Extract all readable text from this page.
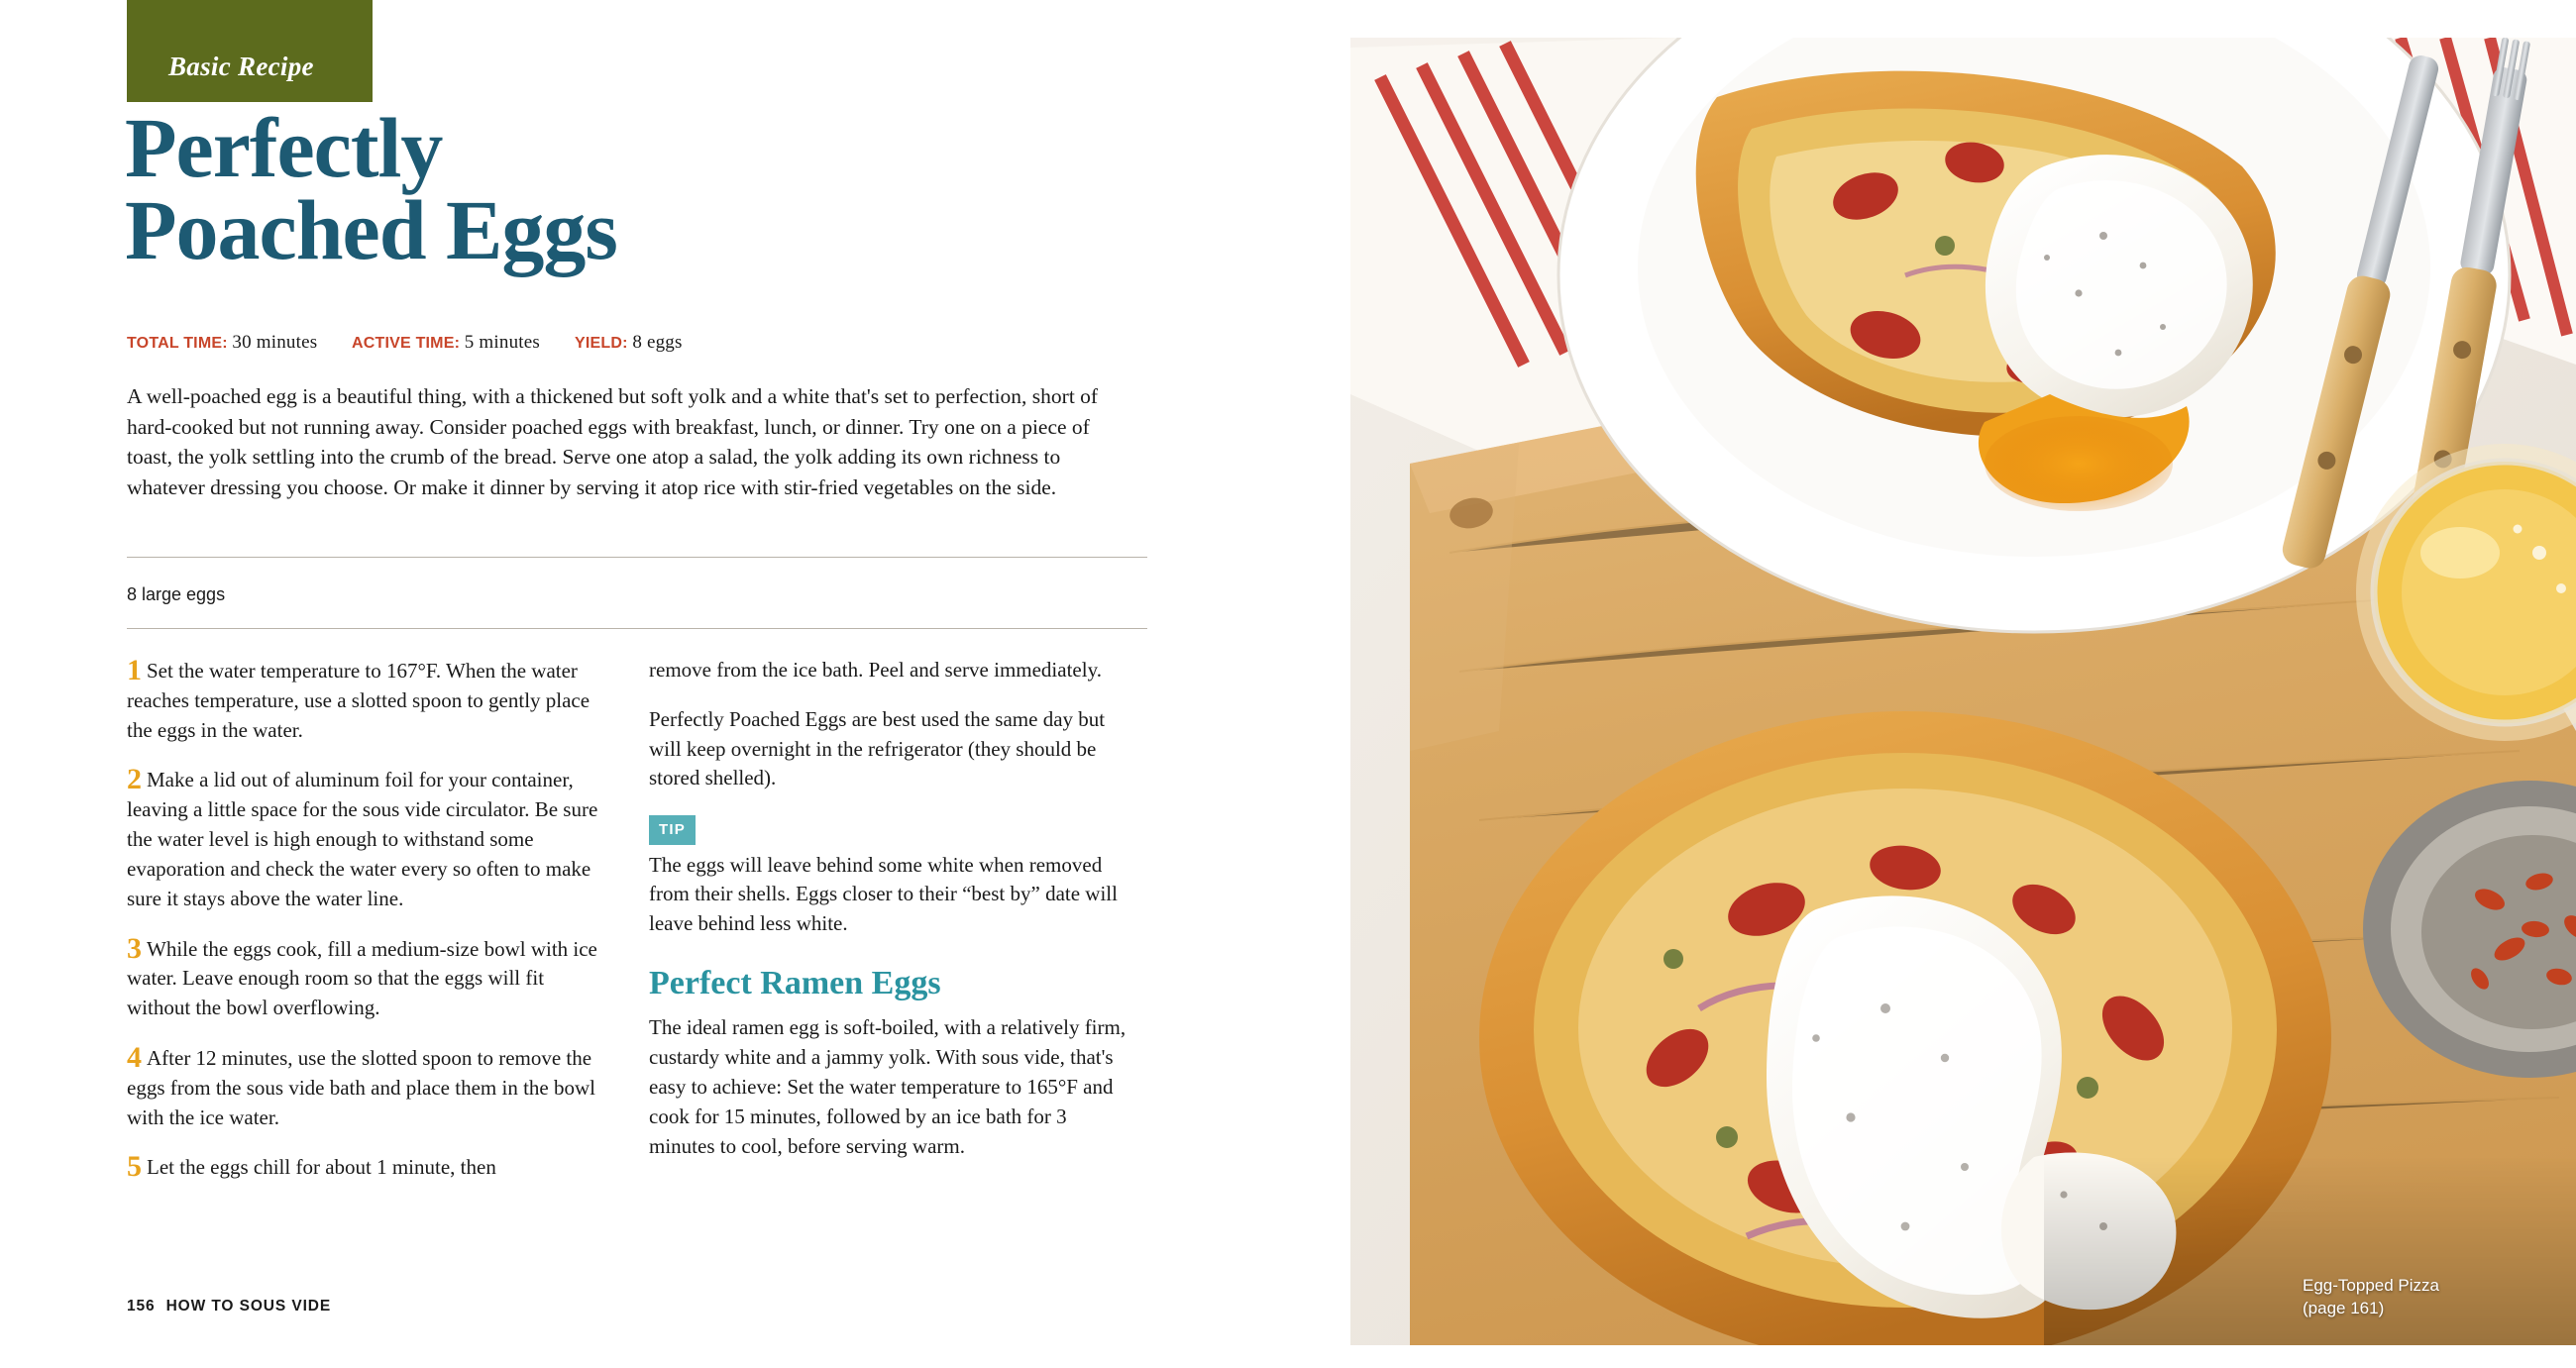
Basic Recipe
Perfectly
Poached Eggs
TOTAL TIME: 30 minutes ACTIVE TIME: 5 minutes YIELD: 8 eggs
A well-poached egg is a beautiful thing, with a thickened but soft yolk and a white that's set to perfection, short of hard-cooked but not running away. Consider poached eggs with breakfast, lunch, or dinner. Try one on a piece of toast, the yolk settling into the crumb of the bread. Serve one atop a salad, the yolk adding its own richness to whatever dressing you choose. Or make it dinner by serving it atop rice with stir-fried vegetables on the side.
8 large eggs
1 Set the water temperature to 167°F. When the water reaches temperature, use a slotted spoon to gently place the eggs in the water.
2 Make a lid out of aluminum foil for your container, leaving a little space for the sous vide circulator. Be sure the water level is high enough to withstand some evaporation and check the water every so often to make sure it stays above the water line.
3 While the eggs cook, fill a medium-size bowl with ice water. Leave enough room so that the eggs will fit without the bowl overflowing.
4 After 12 minutes, use the slotted spoon to remove the eggs from the sous vide bath and place them in the bowl with the ice water.
5 Let the eggs chill for about 1 minute, then
remove from the ice bath. Peel and serve immediately.
Perfectly Poached Eggs are best used the same day but will keep overnight in the refrigerator (they should be stored shelled).
TIP
The eggs will leave behind some white when removed from their shells. Eggs closer to their “best by” date will leave behind less white.
Perfect Ramen Eggs
The ideal ramen egg is soft-boiled, with a relatively firm, custardy white and a jammy yolk. With sous vide, that's easy to achieve: Set the water temperature to 165°F and cook for 15 minutes, followed by an ice bath for 3 minutes to cool, before serving warm.
156 HOW TO SOUS VIDE
Egg-Topped Pizza
(page 161)
